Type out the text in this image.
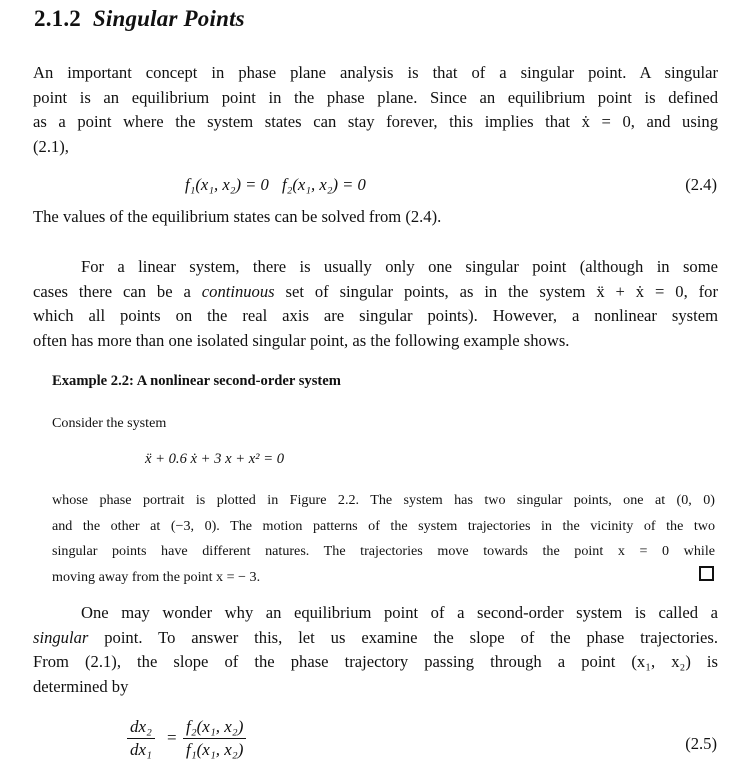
2.1.2 Singular Points

An important concept in phase plane analysis is that of a singular point. A singular
point is an equilibrium point in the phase plane. Since an equilibrium point is defined
as a point where the system states can stay forever, this implies that ẋ = 0, and using
(2.1),

f₁(x₁, x₂) = 0 f₂(x₁, x₂) = 0	(2.4)

The values of the equilibrium states can be solved from (2.4).

For a linear system, there is usually only one singular point (although in some
cases there can be a continuous set of singular points, as in the system ẍ + ẋ = 0, for
which all points on the real axis are singular points). However, a nonlinear system
often has more than one isolated singular point, as the following example shows.

Example 2.2: A nonlinear second-order system

Consider the system

ẍ + 0.6 ẋ + 3 x + x² = 0

whose phase portrait is plotted in Figure 2.2. The system has two singular points, one at (0, 0)
and the other at (−3, 0). The motion patterns of the system trajectories in the vicinity of the two
singular points have different natures. The trajectories move towards the point x = 0 while
moving away from the point x = − 3.

One may wonder why an equilibrium point of a second-order system is called a
singular point. To answer this, let us examine the slope of the phase trajectories.
From (2.1), the slope of the phase trajectory passing through a point (x₁, x₂) is
determined by

$\frac{\text{dx₂}}{\text{dx₁}} = \frac{\text{f₂(x₁, x₂)}}{\text{f₁(x₁, x₂)}}$	(2.5)
